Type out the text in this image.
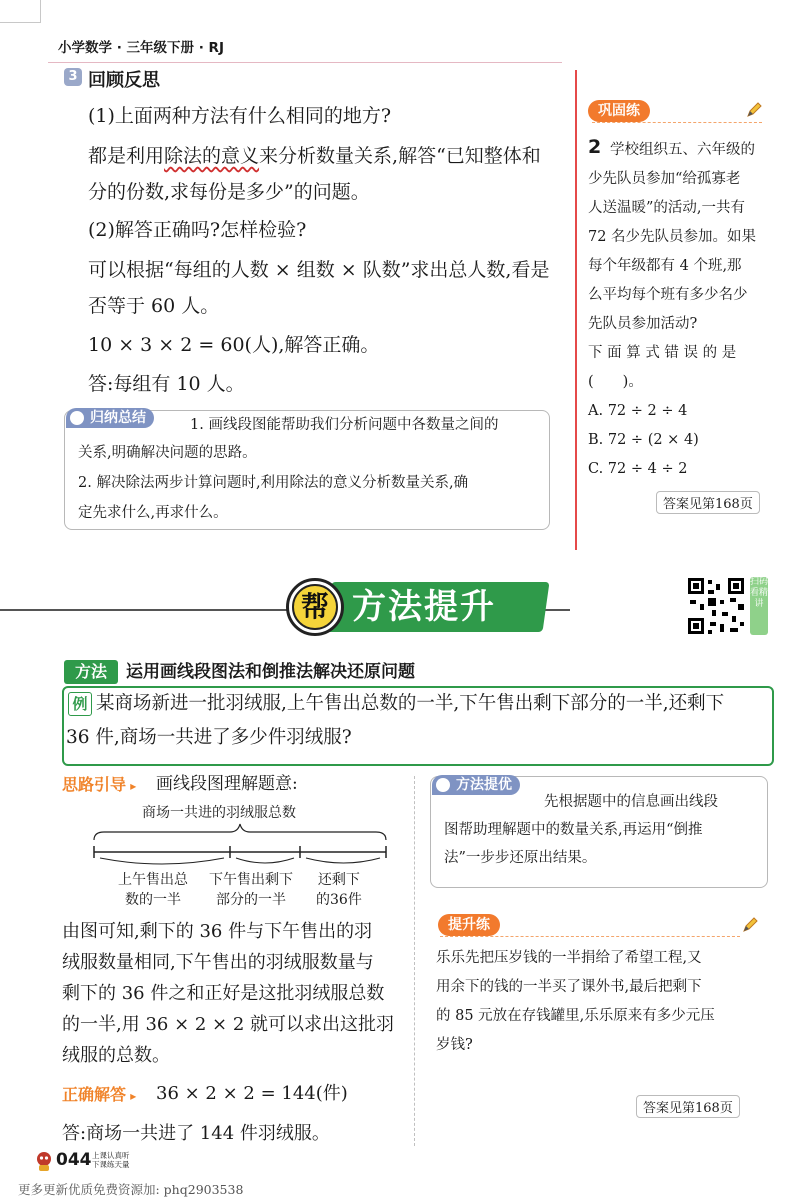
小学数学 · 三年级下册 · RJ
3 回顾反思
(1)上面两种方法有什么相同的地方?
都是利用除法的意义来分析数量关系,解答“已知整体和
分的份数,求每份是多少”的问题。
(2)解答正确吗?怎样检验?
可以根据“每组的人数 × 组数 × 队数”求出总人数,看是
否等于 60 人。
10 × 3 × 2 = 60(人),解答正确。
答:每组有 10 人。
归纳总结	1. 画线段图能帮助我们分析问题中各数量之间的
关系,明确解决问题的思路。
2. 解决除法两步计算问题时,利用除法的意义分析数量关系,确
定先求什么,再求什么。
巩固练
2 学校组织五、六年级的
少先队员参加“给孤寡老
人送温暖”的活动,一共有
72 名少先队员参加。如果
每个年级都有 4 个班,那
么平均每个班有多少名少
先队员参加活动?
下 面 算 式 错 误 的 是
(　　)。
A. 72 ÷ 2 ÷ 4
B. 72 ÷ (2 × 4)
C. 72 ÷ 4 ÷ 2
答案见第168页
方法提升
帮
扫码看精讲
方法	运用画线段图法和倒推法解决还原问题
例 某商场新进一批羽绒服,上午售出总数的一半,下午售出剩下部分的一半,还剩下
36 件,商场一共进了多少件羽绒服?
思路引导 ▸ 画线段图理解题意:
商场一共进的羽绒服总数
上午售出总
数的一半
下午售出剩下
部分的一半
还剩下
的36件
由图可知,剩下的 36 件与下午售出的羽
绒服数量相同,下午售出的羽绒服数量与
剩下的 36 件之和正好是这批羽绒服总数
的一半,用 36 × 2 × 2 就可以求出这批羽
绒服的总数。
正确解答 ▸ 36 × 2 × 2 = 144(件)
答:商场一共进了 144 件羽绒服。
方法提优
先根据题中的信息画出线段
图帮助理解题中的数量关系,再运用“倒推
法”一步步还原出结果。
提升练
乐乐先把压岁钱的一半捐给了希望工程,又
用余下的钱的一半买了课外书,最后把剩下
的 85 元放在存钱罐里,乐乐原来有多少元压
岁钱?
答案见第168页
044 上课认真听
下课练天量
更多更新优质免费资源加: phq2903538
